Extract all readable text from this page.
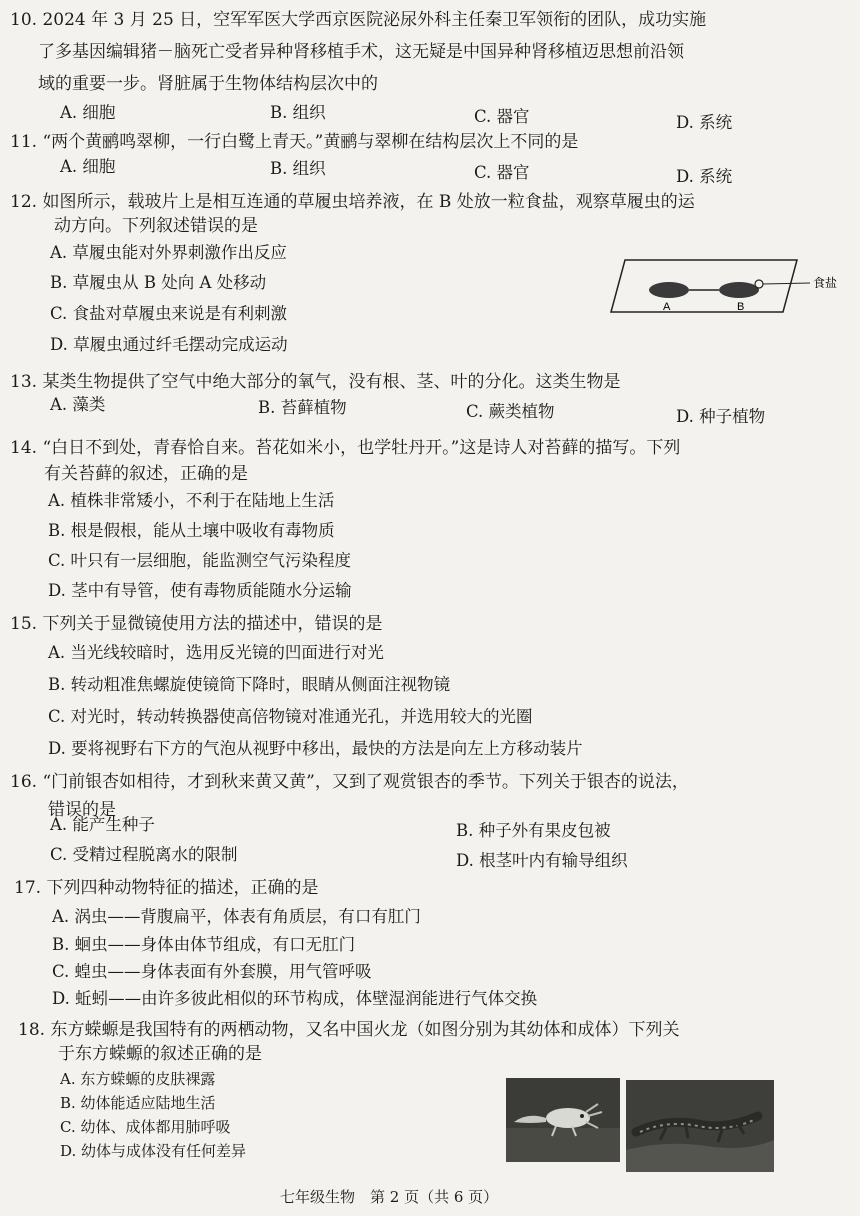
10. 2024 年 3 月 25 日，空军军医大学西京医院泌尿外科主任秦卫军领衔的团队，成功实施
了多基因编辑猪－脑死亡受者异种肾移植手术，这无疑是中国异种肾移植迈思想前沿领
域的重要一步。肾脏属于生物体结构层次中的
A. 细胞	B. 组织	C. 器官	D. 系统
11. “两个黄鹂鸣翠柳，一行白鹭上青天。”黄鹂与翠柳在结构层次上不同的是
A. 细胞	B. 组织	C. 器官	D. 系统
12. 如图所示，载玻片上是相互连通的草履虫培养液，在 B 处放一粒食盐，观察草履虫的运
动方向。下列叙述错误的是
A. 草履虫能对外界刺激作出反应
B. 草履虫从 B 处向 A 处移动
C. 食盐对草履虫来说是有利刺激
D. 草履虫通过纤毛摆动完成运动
A	B
食盐
13. 某类生物提供了空气中绝大部分的氧气，没有根、茎、叶的分化。这类生物是
A. 藻类	B. 苔藓植物	C. 蕨类植物	D. 种子植物
14. “白日不到处，青春恰自来。苔花如米小，也学牡丹开。”这是诗人对苔藓的描写。下列
有关苔藓的叙述，正确的是
A. 植株非常矮小，不利于在陆地上生活
B. 根是假根，能从土壤中吸收有毒物质
C. 叶只有一层细胞，能监测空气污染程度
D. 茎中有导管，使有毒物质能随水分运输
15. 下列关于显微镜使用方法的描述中，错误的是
A. 当光线较暗时，选用反光镜的凹面进行对光
B. 转动粗准焦螺旋使镜筒下降时，眼睛从侧面注视物镜
C. 对光时，转动转换器使高倍物镜对准通光孔，并选用较大的光圈
D. 要将视野右下方的气泡从视野中移出，最快的方法是向左上方移动装片
16. “门前银杏如相待，才到秋来黄又黄”，又到了观赏银杏的季节。下列关于银杏的说法，
错误的是
A. 能产生种子	B. 种子外有果皮包被
C. 受精过程脱离水的限制	D. 根茎叶内有输导组织
17. 下列四种动物特征的描述，正确的是
A. 涡虫——背腹扁平，体表有角质层，有口有肛门
B. 蛔虫——身体由体节组成，有口无肛门
C. 蝗虫——身体表面有外套膜，用气管呼吸
D. 蚯蚓——由许多彼此相似的环节构成，体壁湿润能进行气体交换
18. 东方蝾螈是我国特有的两栖动物，又名中国火龙（如图分别为其幼体和成体）下列关
于东方蝾螈的叙述正确的是
A. 东方蝾螈的皮肤裸露
B. 幼体能适应陆地生活
C. 幼体、成体都用肺呼吸
D. 幼体与成体没有任何差异
七年级生物　第 2 页（共 6 页）
